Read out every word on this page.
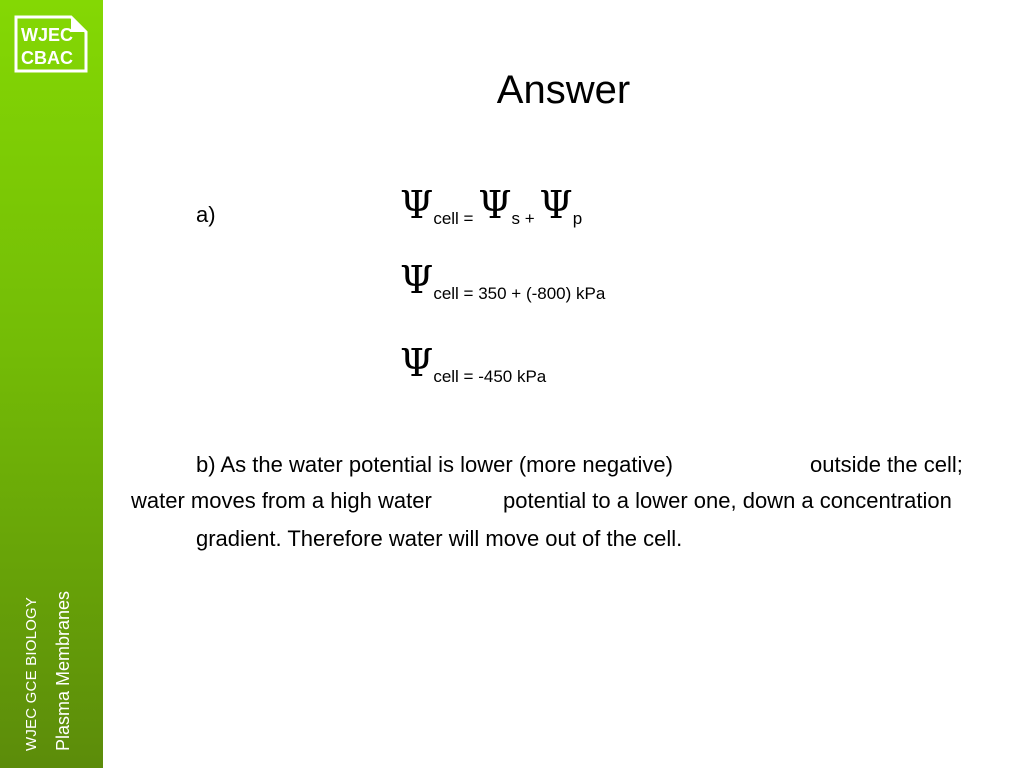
WJEC
CBAC
WJEC GCE BIOLOGY Plasma Membranes
Answer
a)	Ψcell = Ψs + Ψp
Ψcell = 350 + (-800) kPa
Ψcell = -450 kPa
b) As the water potential is lower (more negative)	outside the cell;
water moves from a high water	potential to a lower one, down a concentration
gradient. Therefore water will move out of the cell.
